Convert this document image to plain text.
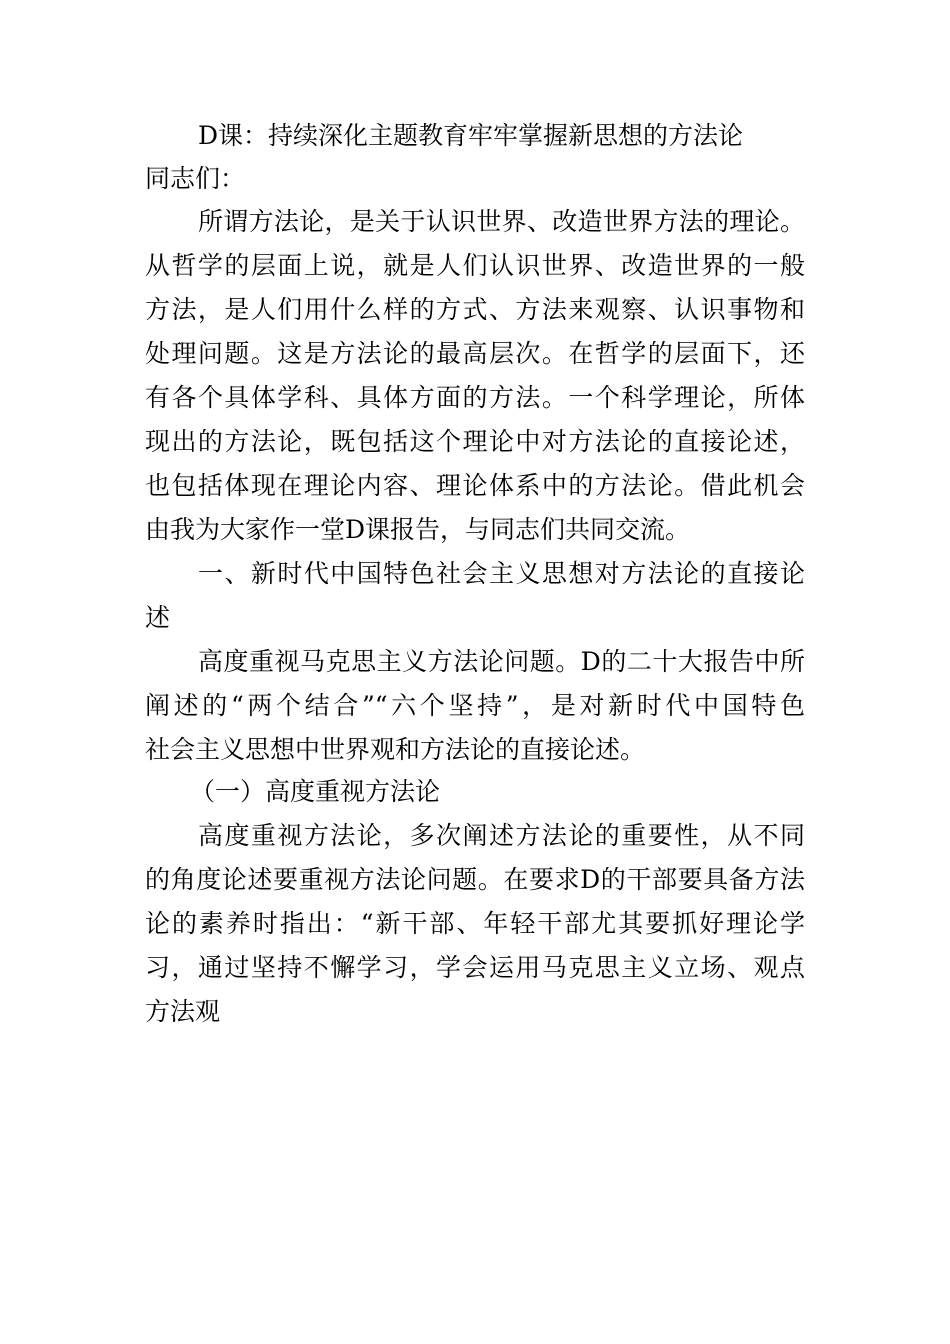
D课：持续深化主题教育牢牢掌握新思想的方法论
同志们：
所谓方法论，是关于认识世界、改造世界方法的理论。
从哲学的层面上说，就是人们认识世界、改造世界的一般
方法，是人们用什么样的方式、方法来观察、认识事物和
处理问题。这是方法论的最高层次。在哲学的层面下，还
有各个具体学科、具体方面的方法。一个科学理论，所体
现出的方法论，既包括这个理论中对方法论的直接论述，
也包括体现在理论内容、理论体系中的方法论。借此机会
由我为大家作一堂D课报告，与同志们共同交流。
一、新时代中国特色社会主义思想对方法论的直接论
述
高度重视马克思主义方法论问题。D的二十大报告中所
阐述的“两个结合”“六个坚持”，是对新时代中国特色
社会主义思想中世界观和方法论的直接论述。
（一）高度重视方法论
高度重视方法论，多次阐述方法论的重要性，从不同
的角度论述要重视方法论问题。在要求D的干部要具备方法
论的素养时指出：“新干部、年轻干部尤其要抓好理论学
习，通过坚持不懈学习，学会运用马克思主义立场、观点
方法观
